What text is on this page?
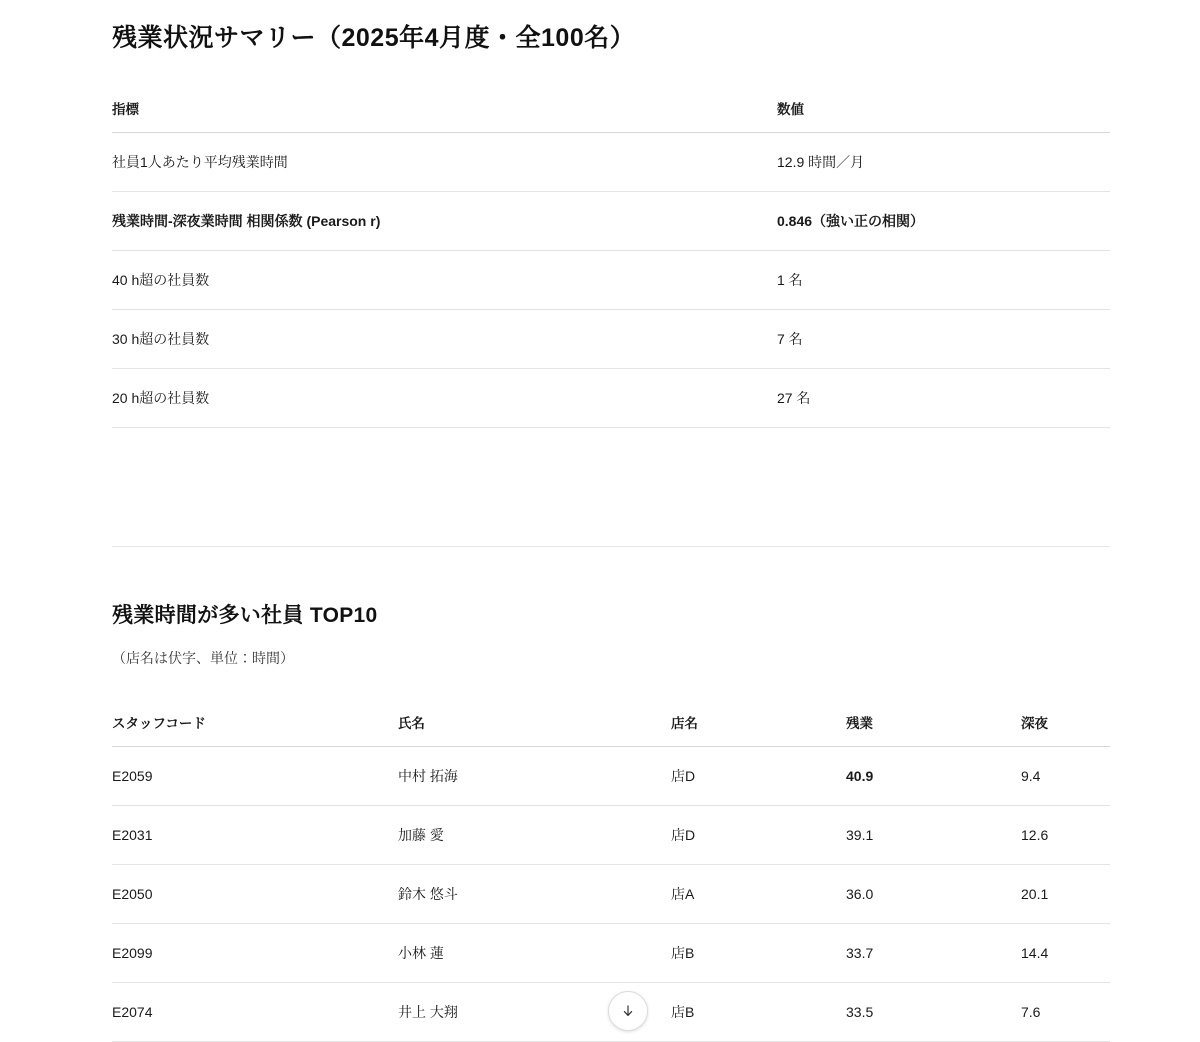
残業状況サマリー（2025年4月度・全100名）
指標	数値
社員1人あたり平均残業時間	12.9 時間／月
残業時間-深夜業時間 相関係数 (Pearson r)	0.846（強い正の相関）
40 h超の社員数	1 名
30 h超の社員数	7 名
20 h超の社員数	27 名
残業時間が多い社員 TOP10

（店名は伏字、単位：時間）

スタッフコード	氏名	店名	残業	深夜
E2059	中村 拓海	店D	40.9	9.4
E2031	加藤 愛	店D	39.1	12.6
E2050	鈴木 悠斗	店A	36.0	20.1
E2099	小林 蓮	店B	33.7	14.4
E2074	井上 大翔	店B	33.5	7.6
